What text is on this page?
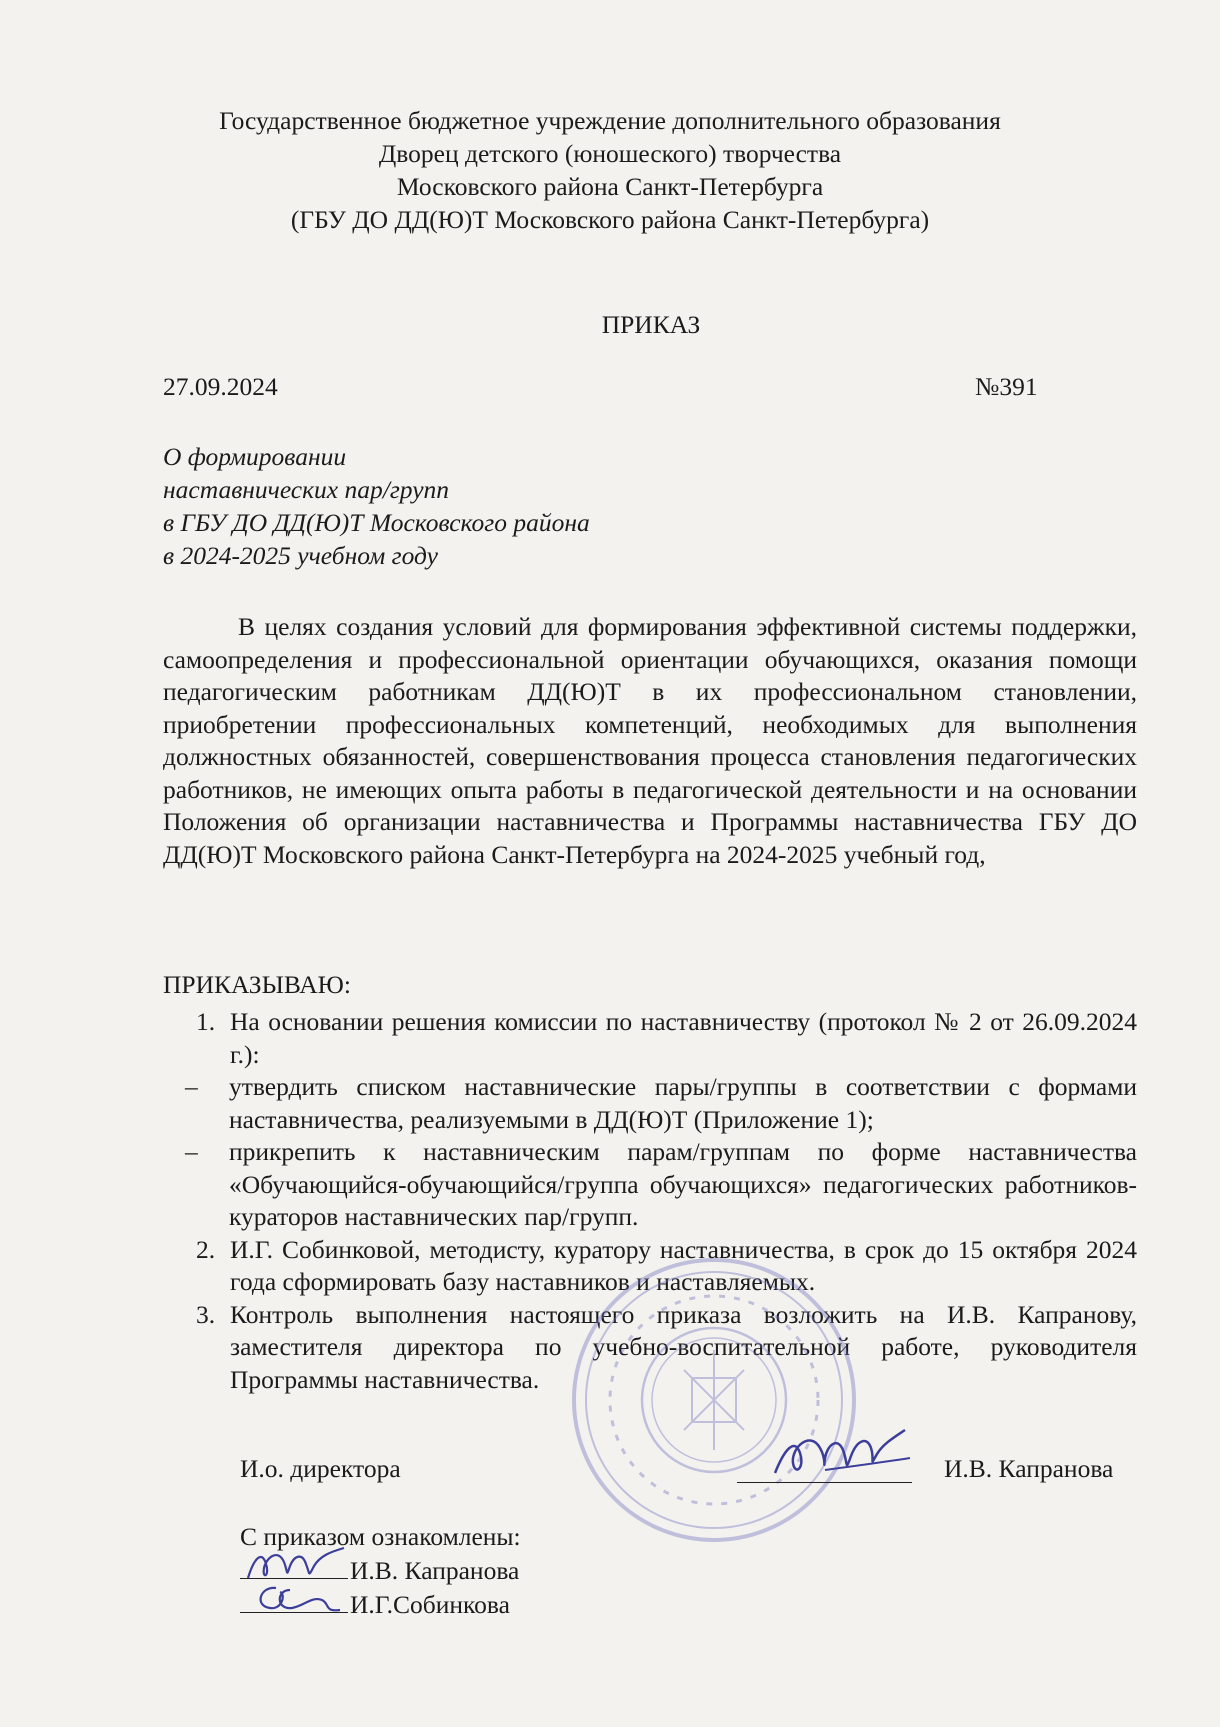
Государственное бюджетное учреждение дополнительного образования
Дворец детского (юношеского) творчества
Московского района Санкт-Петербурга
(ГБУ ДО ДД(Ю)Т Московского района Санкт-Петербурга)
ПРИКАЗ
27.09.2024	№391
О формировании
наставнических пар/групп
в ГБУ ДО ДД(Ю)Т Московского района
в 2024-2025 учебном году

В целях создания условий для формирования эффективной системы поддержки, самоопределения и профессиональной ориентации обучающихся, оказания помощи педагогическим работникам ДД(Ю)Т в их профессиональном становлении, приобретении профессиональных компетенций, необходимых для выполнения должностных обязанностей, совершенствования процесса становления педагогических работников, не имеющих опыта работы в педагогической деятельности и на основании Положения об организации наставничества и Программы наставничества ГБУ ДО ДД(Ю)Т Московского района Санкт-Петербурга на 2024-2025 учебный год,

ПРИКАЗЫВАЮ:
1. На основании решения комиссии по наставничеству (протокол № 2 от 26.09.2024 г.):
– утвердить списком наставнические пары/группы в соответствии с формами наставничества, реализуемыми в ДД(Ю)Т (Приложение 1);
– прикрепить к наставническим парам/группам по форме наставничества «Обучающийся-обучающийся/группа обучающихся» педагогических работников-кураторов наставнических пар/групп.
2. И.Г. Собинковой, методисту, куратору наставничества, в срок до 15 октября 2024 года сформировать базу наставников и наставляемых.
3. Контроль выполнения настоящего приказа возложить на И.В. Капранову, заместителя директора по учебно-воспитательной работе, руководителя Программы наставничества.
И.о. директора	И.В. Капранова
С приказом ознакомлены:
И.В. Капранова
И.Г.Собинкова
